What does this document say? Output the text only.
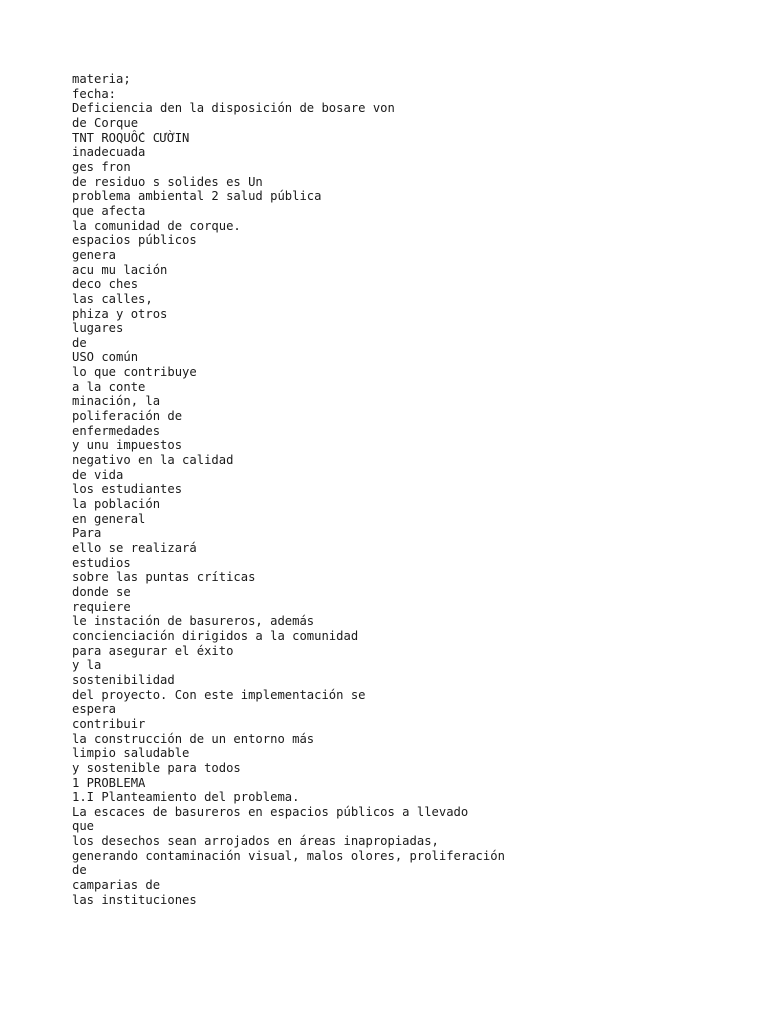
materia;
fecha:
Deficiencia den la disposición de bosare von
de Corque
TNT ROQUỐC CƯỜIN
inadecuada
ges fron
de residuo s solides es Un
problema ambiental 2 salud pública
que afecta
la comunidad de corque.
espacios públicos
genera
acu mu lación
deco ches
las calles,
phiza y otros
lugares
de
USO común
lo que contribuye
a la conte
minación, la
poliferación de
enfermedades
y unu impuestos
negativo en la calidad
de vida
los estudiantes
la población
en general
Para
ello se realizará
estudios
sobre las puntas críticas
donde se
requiere
le instación de basureros, además
concienciación dirigidos a la comunidad
para asegurar el éxito
y la
sostenibilidad
del proyecto. Con este implementación se
espera
contribuir
la construcción de un entorno más
limpio saludable
y sostenible para todos
1 PROBLEMA
1.I Planteamiento del problema.
La escaces de basureros en espacios públicos a llevado
que
los desechos sean arrojados en áreas inapropiadas,
generando contaminación visual, malos olores, proliferación
de
camparias de
las instituciones
